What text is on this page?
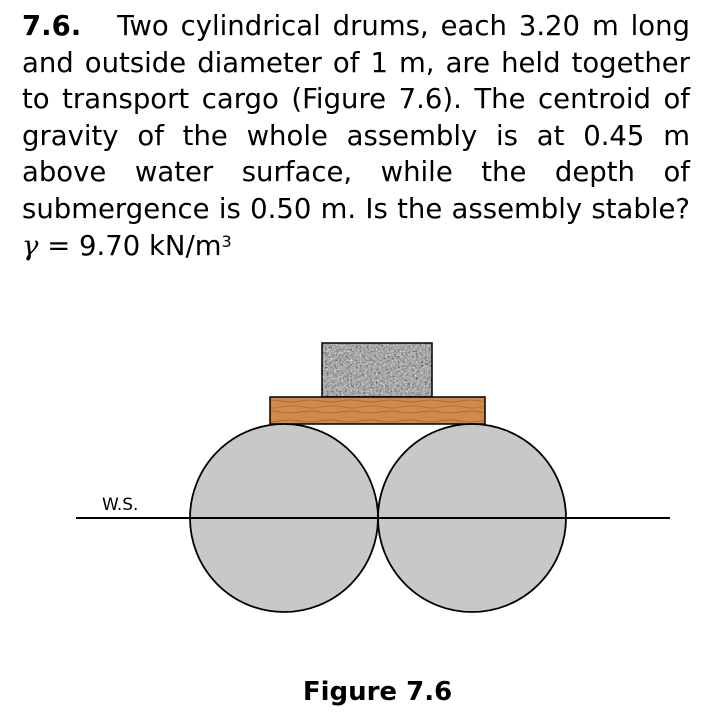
7.6. Two cylindrical drums, each 3.20 m long and outside diameter of 1 m, are held together to transport cargo (Figure 7.6). The centroid of gravity of the whole assembly is at 0.45 m above water surface, while the depth of submergence is 0.50 m. Is the assembly stable? γ = 9.70 $kN/m^3$

W.S.

Figure 7.6
